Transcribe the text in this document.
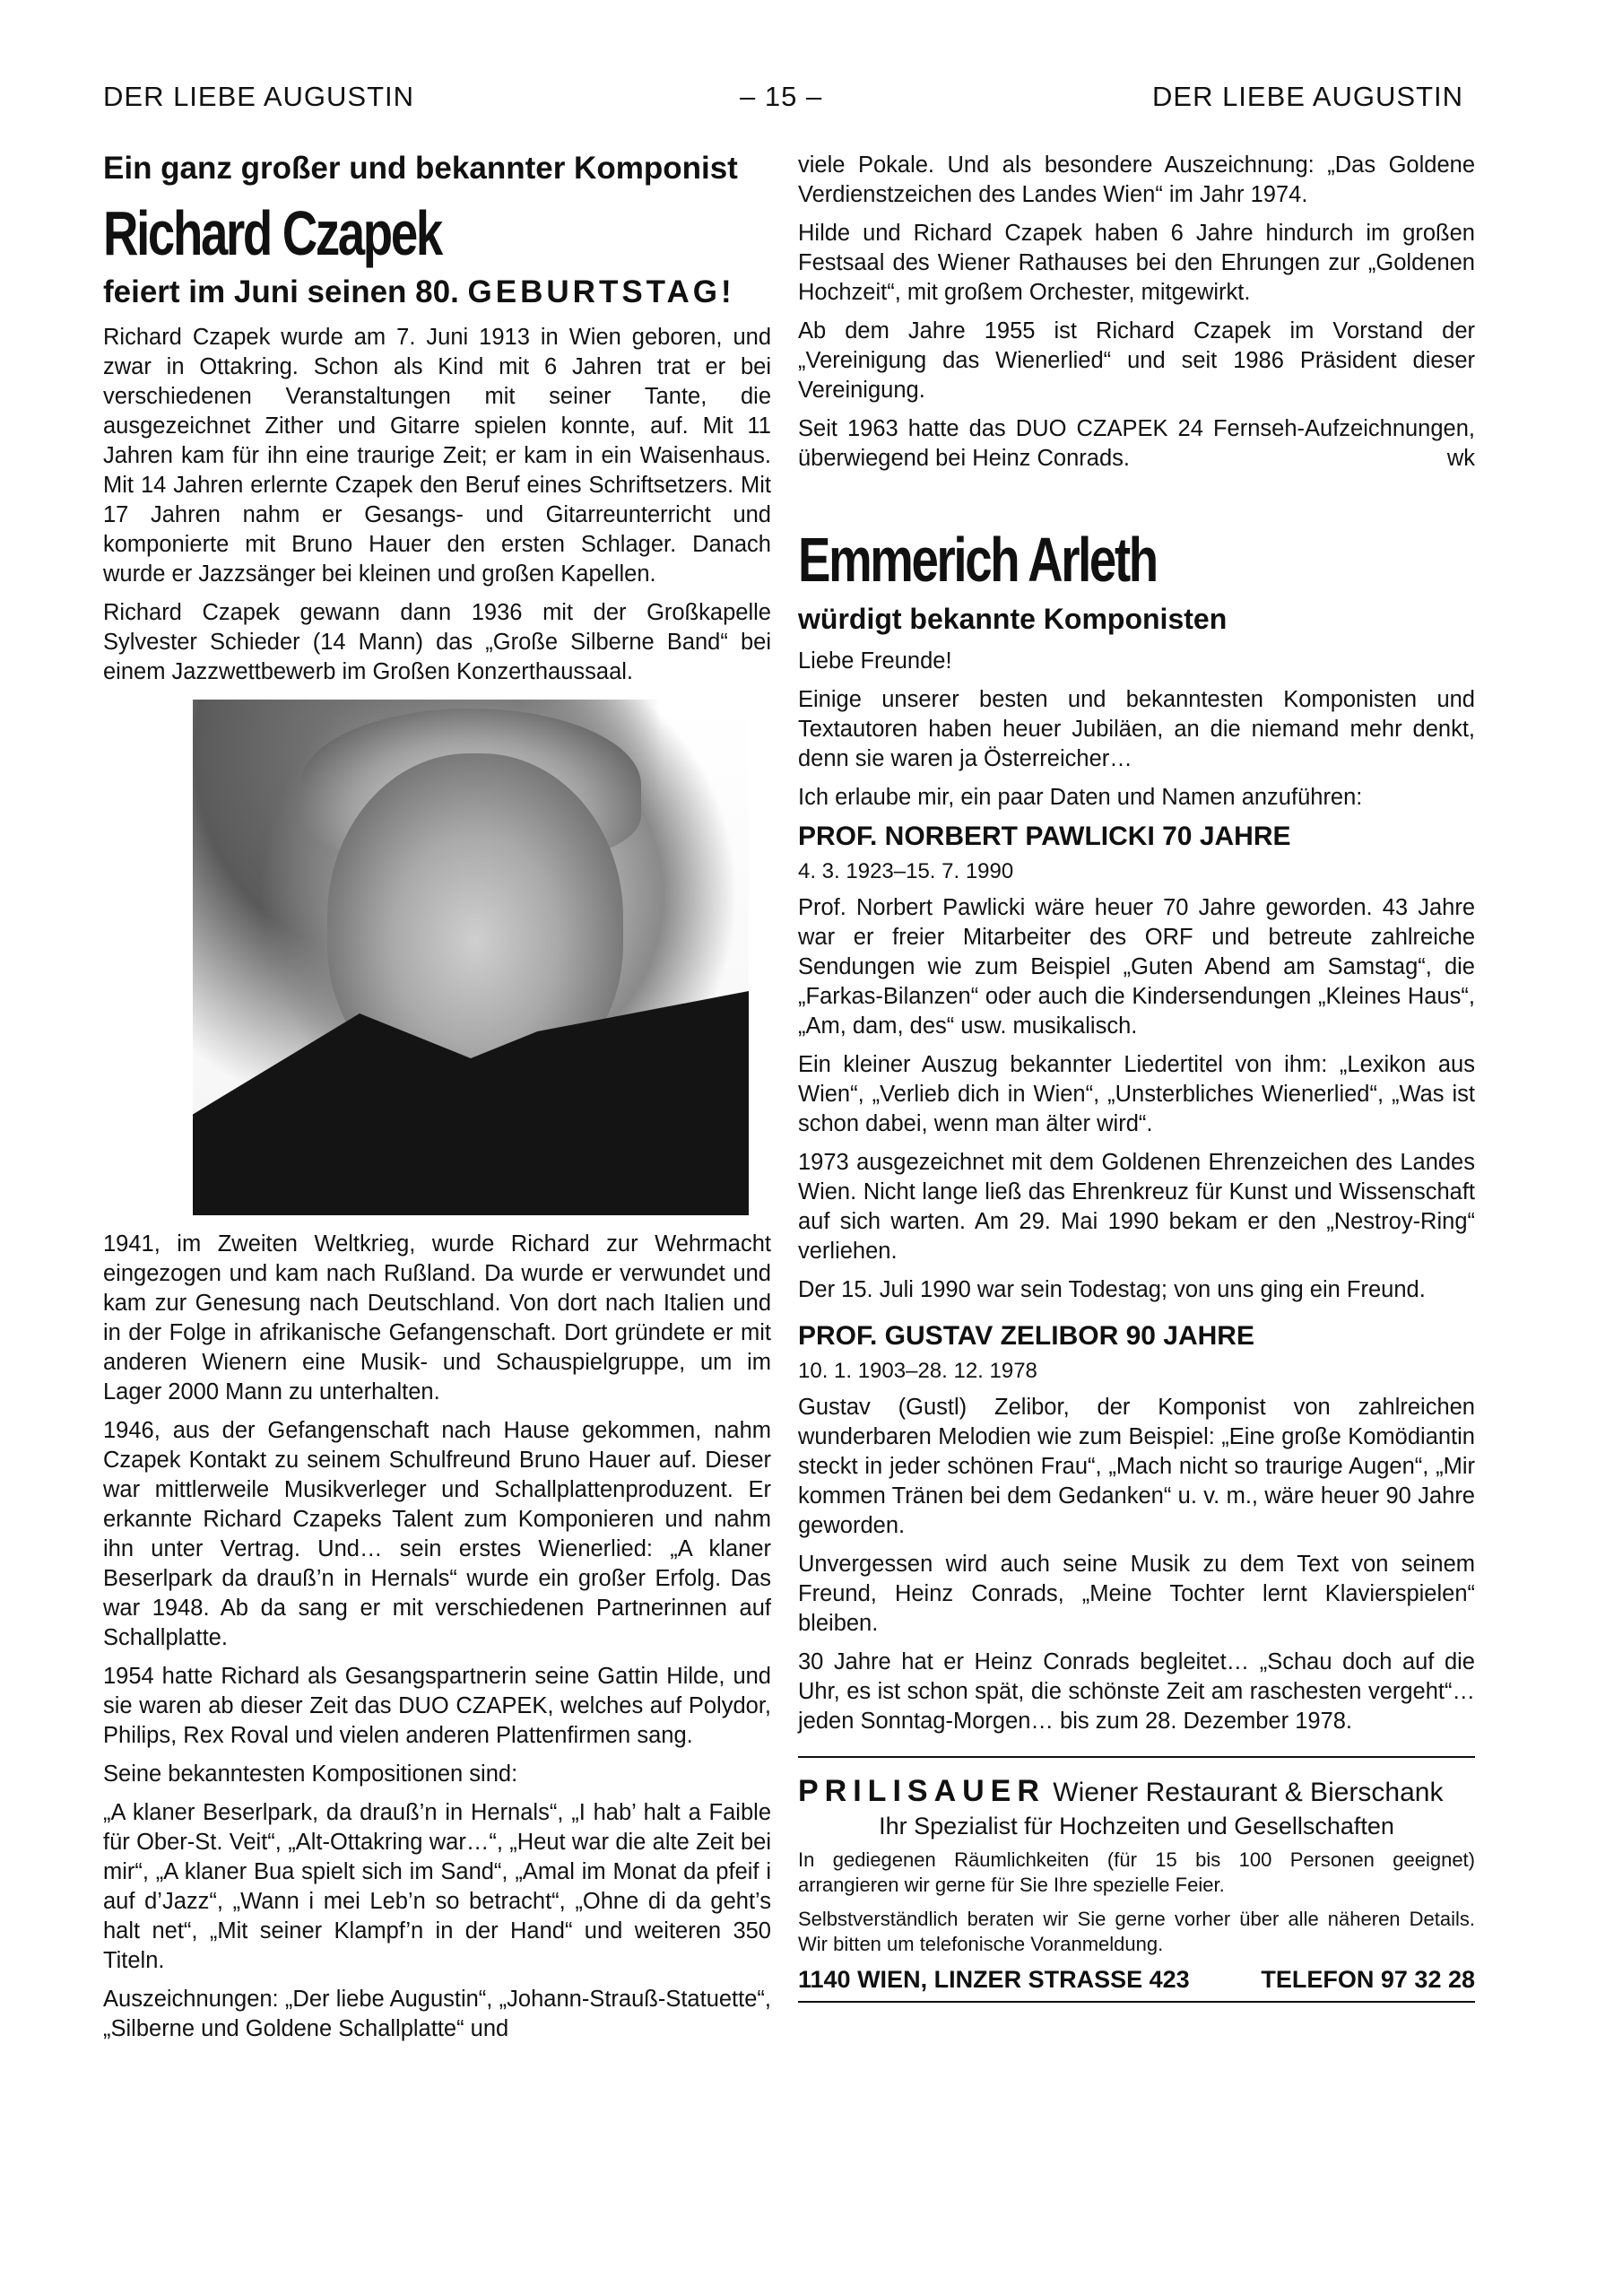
DER LIEBE AUGUSTIN	– 15 –	DER LIEBE AUGUSTIN
Ein ganz großer und bekannter Komponist
Richard Czapek
feiert im Juni seinen 80. GEBURTSTAG!

Richard Czapek wurde am 7. Juni 1913 in Wien geboren, und zwar in Ottakring. Schon als Kind mit 6 Jahren trat er bei verschiedenen Veranstaltungen mit seiner Tante, die ausgezeichnet Zither und Gitarre spielen konnte, auf. Mit 11 Jahren kam für ihn eine traurige Zeit; er kam in ein Waisenhaus. Mit 14 Jahren erlernte Czapek den Beruf eines Schriftsetzers. Mit 17 Jahren nahm er Gesangs- und Gitarreunterricht und komponierte mit Bruno Hauer den ersten Schlager. Danach wurde er Jazzsänger bei kleinen und großen Kapellen.

Richard Czapek gewann dann 1936 mit der Großkapelle Sylvester Schieder (14 Mann) das „Große Silberne Band“ bei einem Jazzwettbewerb im Großen Konzerthaussaal.

1941, im Zweiten Weltkrieg, wurde Richard zur Wehrmacht eingezogen und kam nach Rußland. Da wurde er verwundet und kam zur Genesung nach Deutschland. Von dort nach Italien und in der Folge in afrikanische Gefangenschaft. Dort gründete er mit anderen Wienern eine Musik- und Schauspielgruppe, um im Lager 2000 Mann zu unterhalten.

1946, aus der Gefangenschaft nach Hause gekommen, nahm Czapek Kontakt zu seinem Schulfreund Bruno Hauer auf. Dieser war mittlerweile Musikverleger und Schallplattenproduzent. Er erkannte Richard Czapeks Talent zum Komponieren und nahm ihn unter Vertrag. Und… sein erstes Wienerlied: „A klaner Beserlpark da drauß’n in Hernals“ wurde ein großer Erfolg. Das war 1948. Ab da sang er mit verschiedenen Partnerinnen auf Schallplatte.

1954 hatte Richard als Gesangspartnerin seine Gattin Hilde, und sie waren ab dieser Zeit das DUO CZAPEK, welches auf Polydor, Philips, Rex Roval und vielen anderen Plattenfirmen sang.

Seine bekanntesten Kompositionen sind:

„A klaner Beserlpark, da drauß’n in Hernals“, „I hab’ halt a Faible für Ober-St. Veit“, „Alt-Ottakring war…“, „Heut war die alte Zeit bei mir“, „A klaner Bua spielt sich im Sand“, „Amal im Monat da pfeif i auf d’Jazz“, „Wann i mei Leb’n so betracht“, „Ohne di da geht’s halt net“, „Mit seiner Klampf’n in der Hand“ und weiteren 350 Titeln.

Auszeichnungen: „Der liebe Augustin“, „Johann-Strauß-Statuette“, „Silberne und Goldene Schallplatte“ und

viele Pokale. Und als besondere Auszeichnung: „Das Goldene Verdienstzeichen des Landes Wien“ im Jahr 1974.

Hilde und Richard Czapek haben 6 Jahre hindurch im großen Festsaal des Wiener Rathauses bei den Ehrungen zur „Goldenen Hochzeit“, mit großem Orchester, mitgewirkt.

Ab dem Jahre 1955 ist Richard Czapek im Vorstand der „Vereinigung das Wienerlied“ und seit 1986 Präsident dieser Vereinigung.

Seit 1963 hatte das DUO CZAPEK 24 Fernseh-Aufzeichnungen, überwiegend bei Heinz Conrads.	wk

Emmerich Arleth
würdigt bekannte Komponisten

Liebe Freunde!

Einige unserer besten und bekanntesten Komponisten und Textautoren haben heuer Jubiläen, an die niemand mehr denkt, denn sie waren ja Österreicher…

Ich erlaube mir, ein paar Daten und Namen anzuführen:

PROF. NORBERT PAWLICKI 70 JAHRE
4. 3. 1923–15. 7. 1990

Prof. Norbert Pawlicki wäre heuer 70 Jahre geworden. 43 Jahre war er freier Mitarbeiter des ORF und betreute zahlreiche Sendungen wie zum Beispiel „Guten Abend am Samstag“, die „Farkas-Bilanzen“ oder auch die Kindersendungen „Kleines Haus“, „Am, dam, des“ usw. musikalisch.

Ein kleiner Auszug bekannter Liedertitel von ihm: „Lexikon aus Wien“, „Verlieb dich in Wien“, „Unsterbliches Wienerlied“, „Was ist schon dabei, wenn man älter wird“.

1973 ausgezeichnet mit dem Goldenen Ehrenzeichen des Landes Wien. Nicht lange ließ das Ehrenkreuz für Kunst und Wissenschaft auf sich warten. Am 29. Mai 1990 bekam er den „Nestroy-Ring“ verliehen.

Der 15. Juli 1990 war sein Todestag; von uns ging ein Freund.

PROF. GUSTAV ZELIBOR 90 JAHRE
10. 1. 1903–28. 12. 1978

Gustav (Gustl) Zelibor, der Komponist von zahlreichen wunderbaren Melodien wie zum Beispiel: „Eine große Komödiantin steckt in jeder schönen Frau“, „Mach nicht so traurige Augen“, „Mir kommen Tränen bei dem Gedanken“ u. v. m., wäre heuer 90 Jahre geworden.

Unvergessen wird auch seine Musik zu dem Text von seinem Freund, Heinz Conrads, „Meine Tochter lernt Klavierspielen“ bleiben.

30 Jahre hat er Heinz Conrads begleitet… „Schau doch auf die Uhr, es ist schon spät, die schönste Zeit am raschesten vergeht“… jeden Sonntag-Morgen… bis zum 28. Dezember 1978.

PRILISAUER Wiener Restaurant & Bierschank
Ihr Spezialist für Hochzeiten und Gesellschaften

In gediegenen Räumlichkeiten (für 15 bis 100 Personen geeignet) arrangieren wir gerne für Sie Ihre spezielle Feier.

Selbstverständlich beraten wir Sie gerne vorher über alle näheren Details. Wir bitten um telefonische Voranmeldung.

1140 WIEN, LINZER STRASSE 423	TELEFON 97 32 28
